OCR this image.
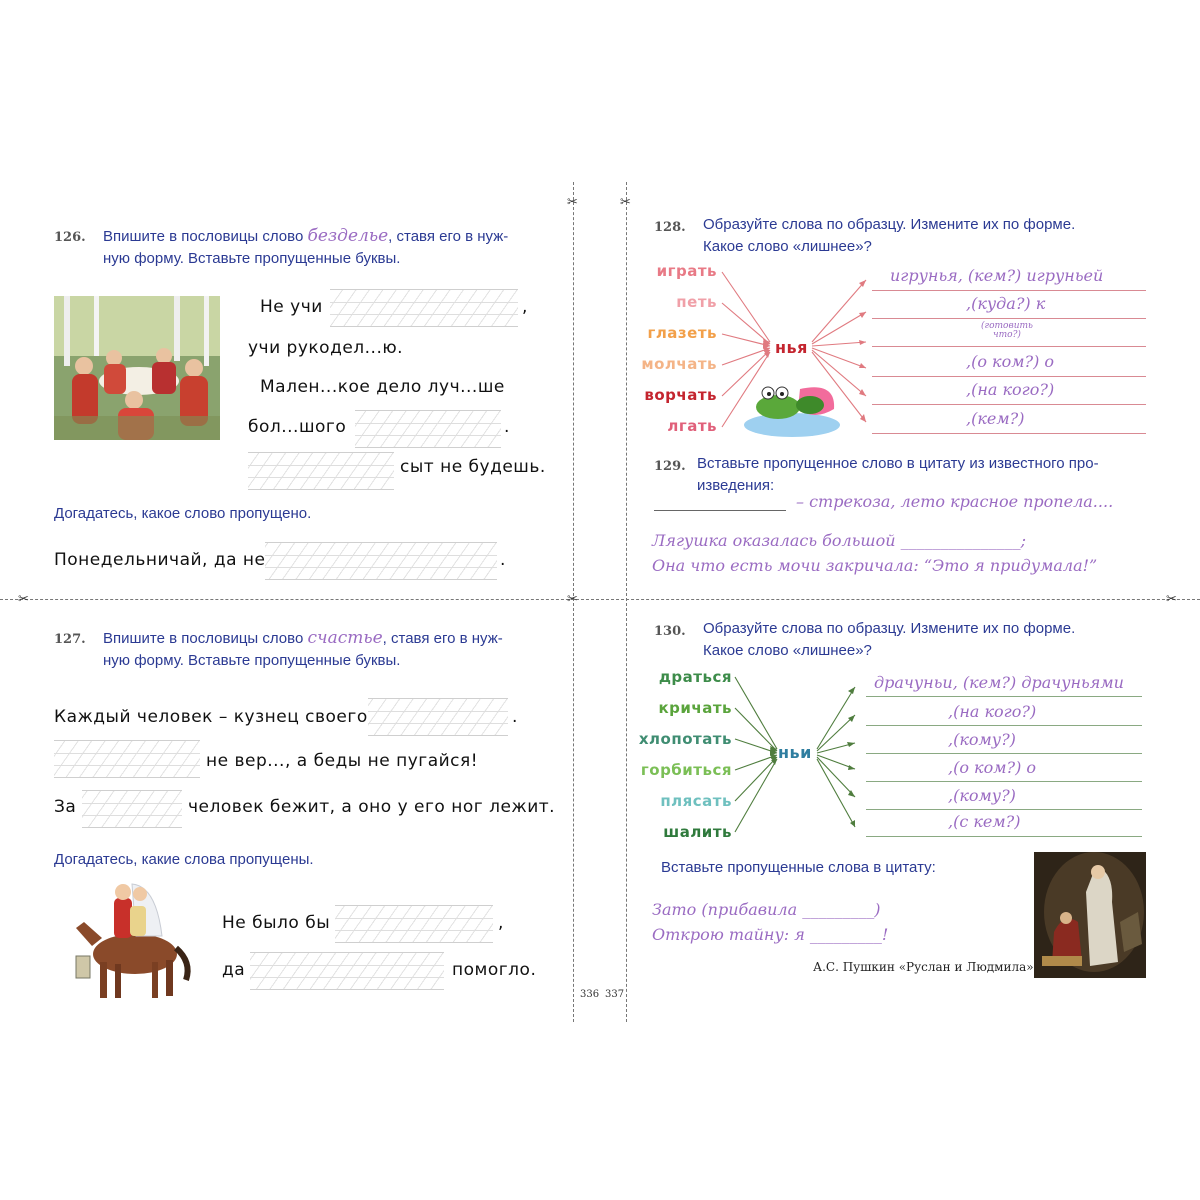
✂	✂
✂	✂
✂
126. Впишите в пословицы слово безделье, ставя его в нуж-
ную форму. Вставьте пропущенные буквы.
Не учи	,
учи рукодел...ю.
Мален...кое дело луч...ше
бол...шого	.
сыт не будешь.
Догадатесь, какое слово пропущено.
Понедельничай, да не	.
127. Впишите в пословицы слово счастье, ставя его в нуж-
ную форму. Вставьте пропущенные буквы.
Каждый человек – кузнец своего	.
не вер..., а беды не пугайся!
За	человек бежит, а оно у его ног лежит.
Догадатесь, какие слова пропущены.
Не было бы	,
да	помогло.
336 337
128. Образуйте слова по образцу. Измените их по форме.
Какое слово «лишнее»?
играть
петь
глазеть
молчать
ворчать
лгать
нья
игрунья, (кем?) игруньей
,(куда?) к
(готовить
что?)
,(о ком?) о
,(на кого?)
,(кем?)
129. Вставьте пропущенное слово в цитату из известного про-
изведения:
– стрекоза, лето красное пропела....
Лягушка оказалась большой _______________;
Она что есть мочи закричала: “Это я придумала!”
130. Образуйте слова по образцу. Измените их по форме.
Какое слово «лишнее»?
драться
кричать
хлопотать
горбиться
плясать
шалить
ньи
драчуньи, (кем?) драчуньями
,(на кого?)
,(кому?)
,(о ком?) о
,(кому?)
,(с кем?)
Вставьте пропущенные слова в цитату:
Зато (прибавила _________)
Открою тайну: я _________!
А.С. Пушкин «Руслан и Людмила»
